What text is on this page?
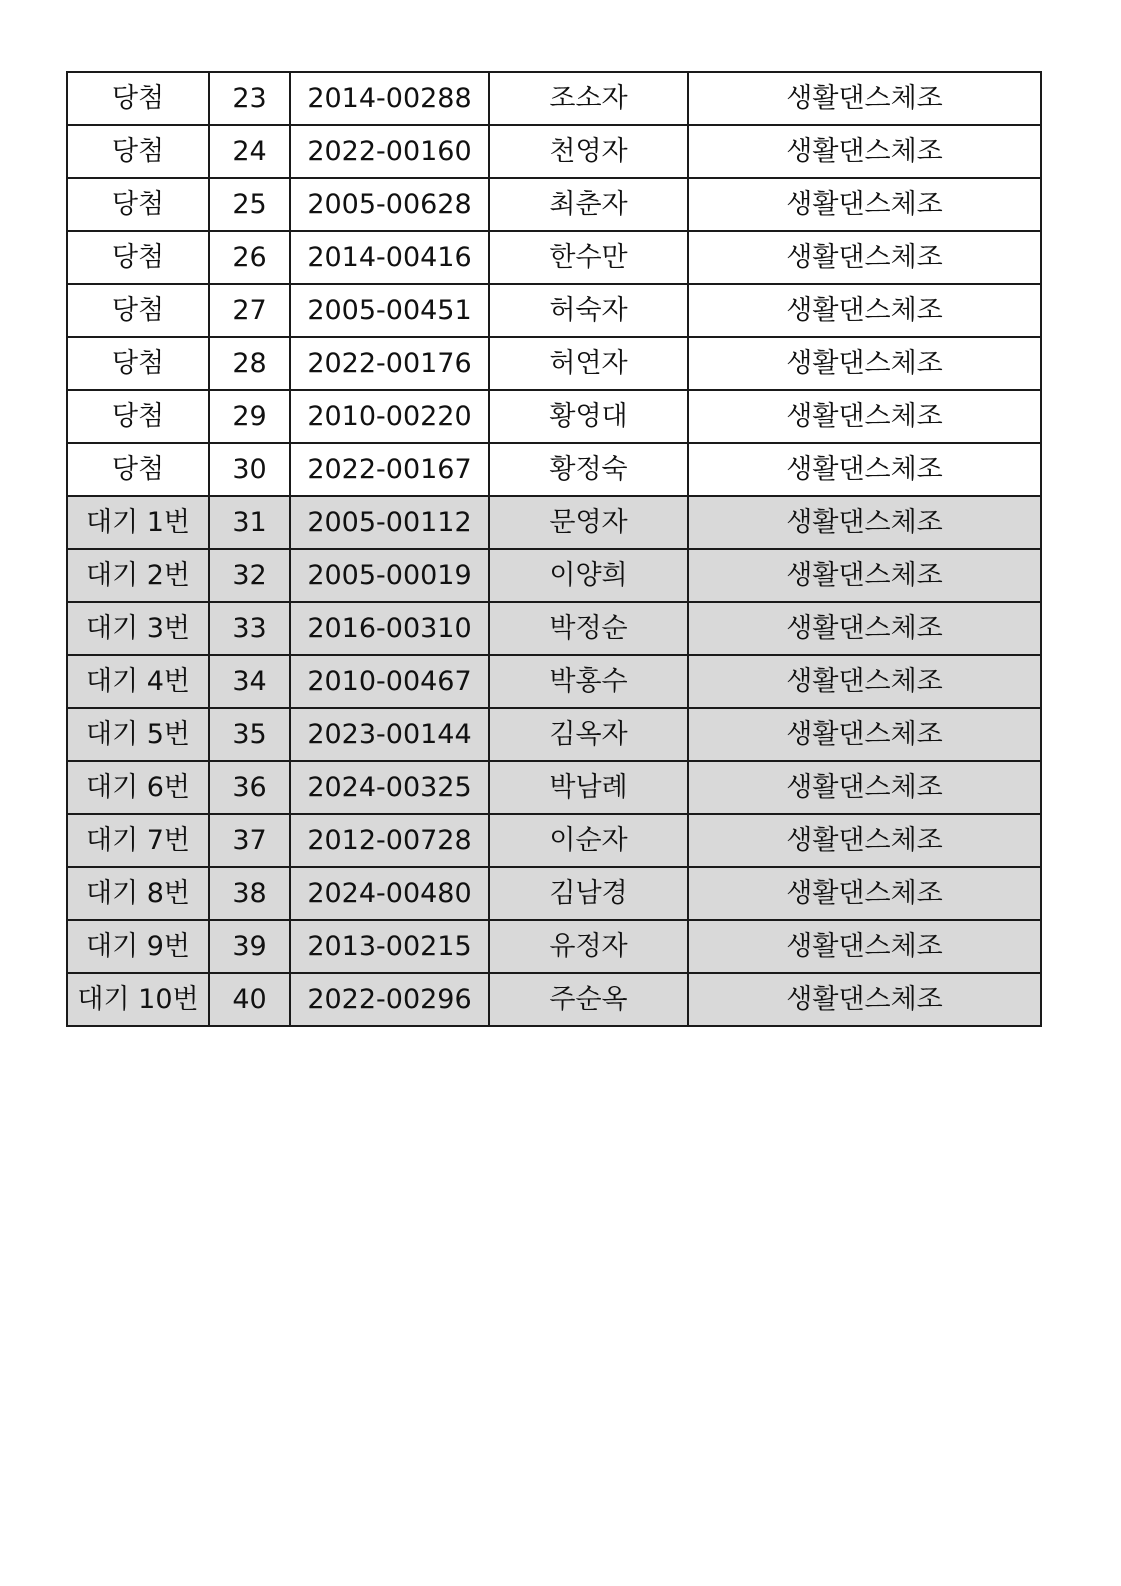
당첨	23	2014-00288	조소자	생활댄스체조
당첨	24	2022-00160	천영자	생활댄스체조
당첨	25	2005-00628	최춘자	생활댄스체조
당첨	26	2014-00416	한수만	생활댄스체조
당첨	27	2005-00451	허숙자	생활댄스체조
당첨	28	2022-00176	허연자	생활댄스체조
당첨	29	2010-00220	황영대	생활댄스체조
당첨	30	2022-00167	황정숙	생활댄스체조
대기 1번	31	2005-00112	문영자	생활댄스체조
대기 2번	32	2005-00019	이양희	생활댄스체조
대기 3번	33	2016-00310	박정순	생활댄스체조
대기 4번	34	2010-00467	박홍수	생활댄스체조
대기 5번	35	2023-00144	김옥자	생활댄스체조
대기 6번	36	2024-00325	박남례	생활댄스체조
대기 7번	37	2012-00728	이순자	생활댄스체조
대기 8번	38	2024-00480	김남경	생활댄스체조
대기 9번	39	2013-00215	유정자	생활댄스체조
대기 10번	40	2022-00296	주순옥	생활댄스체조
